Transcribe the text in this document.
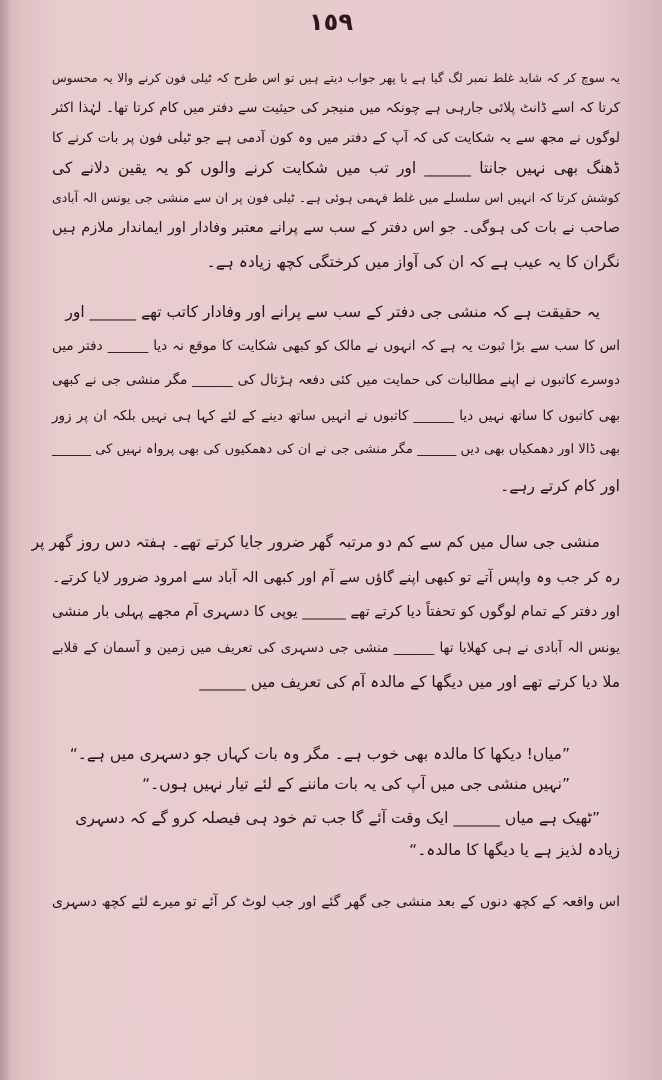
١٥٩
یہ سوچ کر کہ شاید غلط نمبر لگ گیا ہے یا پھر جواب دیتے ہیں تو اس طرح کہ ٹیلی فون کرنے والا یہ محسوس
کرتا کہ اسے ڈانٹ پلائی جارہی ہے چونکہ میں منیجر کی حیثیت سے دفتر میں کام کرتا تھا۔ لہٰذا اکثر
لوگوں نے مجھ سے یہ شکایت کی کہ آپ کے دفتر میں وہ کون آدمی ہے جو ٹیلی فون پر بات کرنے کا
ڈھنگ بھی نہیں جانتا ______ اور تب میں شکایت کرنے والوں کو یہ یقین دلانے کی
کوشش کرتا کہ انہیں اس سلسلے میں غلط فہمی ہوئی ہے۔ ٹیلی فون پر ان سے منشی جی یونس الہ آبادی
صاحب نے بات کی ہوگی۔ جو اس دفتر کے سب سے پرانے معتبر وفادار اور ایماندار ملازم ہیں
نگران کا یہ عیب ہے کہ ان کی آواز میں کرختگی کچھ زیادہ ہے۔
یہ حقیقت ہے کہ منشی جی دفتر کے سب سے پرانے اور وفادار کاتب تھے ______ اور
اس کا سب سے بڑا ثبوت یہ ہے کہ انہوں نے مالک کو کبھی شکایت کا موقع نہ دیا ______ دفتر میں
دوسرے کاتبوں نے اپنے مطالبات کی حمایت میں کئی دفعہ ہڑتال کی ______ مگر منشی جی نے کبھی
بھی کاتبوں کا ساتھ نہیں دیا ______ کاتبوں نے انہیں ساتھ دینے کے لئے کہا ہی نہیں بلکہ ان پر زور
بھی ڈالا اور دھمکیاں بھی دیں ______ مگر منشی جی نے ان کی دھمکیوں کی بھی پرواہ نہیں کی ______
اور کام کرتے رہے۔
منشی جی سال میں کم سے کم دو مرتبہ گھر ضرور جایا کرتے تھے۔ ہفتہ دس روز گھر پر
رہ کر جب وہ واپس آتے تو کبھی اپنے گاؤں سے آم اور کبھی الہ آباد سے امرود ضرور لایا کرتے۔
اور دفتر کے تمام لوگوں کو تحفتاً دیا کرتے تھے ______ یوپی کا دسہری آم مجھے پہلی بار منشی
یونس الہ آبادی نے ہی کھلایا تھا ______ منشی جی دسہری کی تعریف میں زمین و آسمان کے قلابے
ملا دیا کرتے تھے اور میں دیگھا کے مالدہ آم کی تعریف میں ______
”میاں! دیکھا کا مالدہ بھی خوب ہے۔ مگر وہ بات کہاں جو دسہری میں ہے۔“
”نہیں منشی جی میں آپ کی یہ بات ماننے کے لئے تیار نہیں ہوں۔“
”ٹھیک ہے میاں ______ ایک وقت آئے گا جب تم خود ہی فیصلہ کرو گے کہ دسہری
زیادہ لذیز ہے یا دیگھا کا مالدہ۔“
اس واقعہ کے کچھ دنوں کے بعد منشی جی گھر گئے اور جب لوٹ کر آئے تو میرے لئے کچھ دسہری
